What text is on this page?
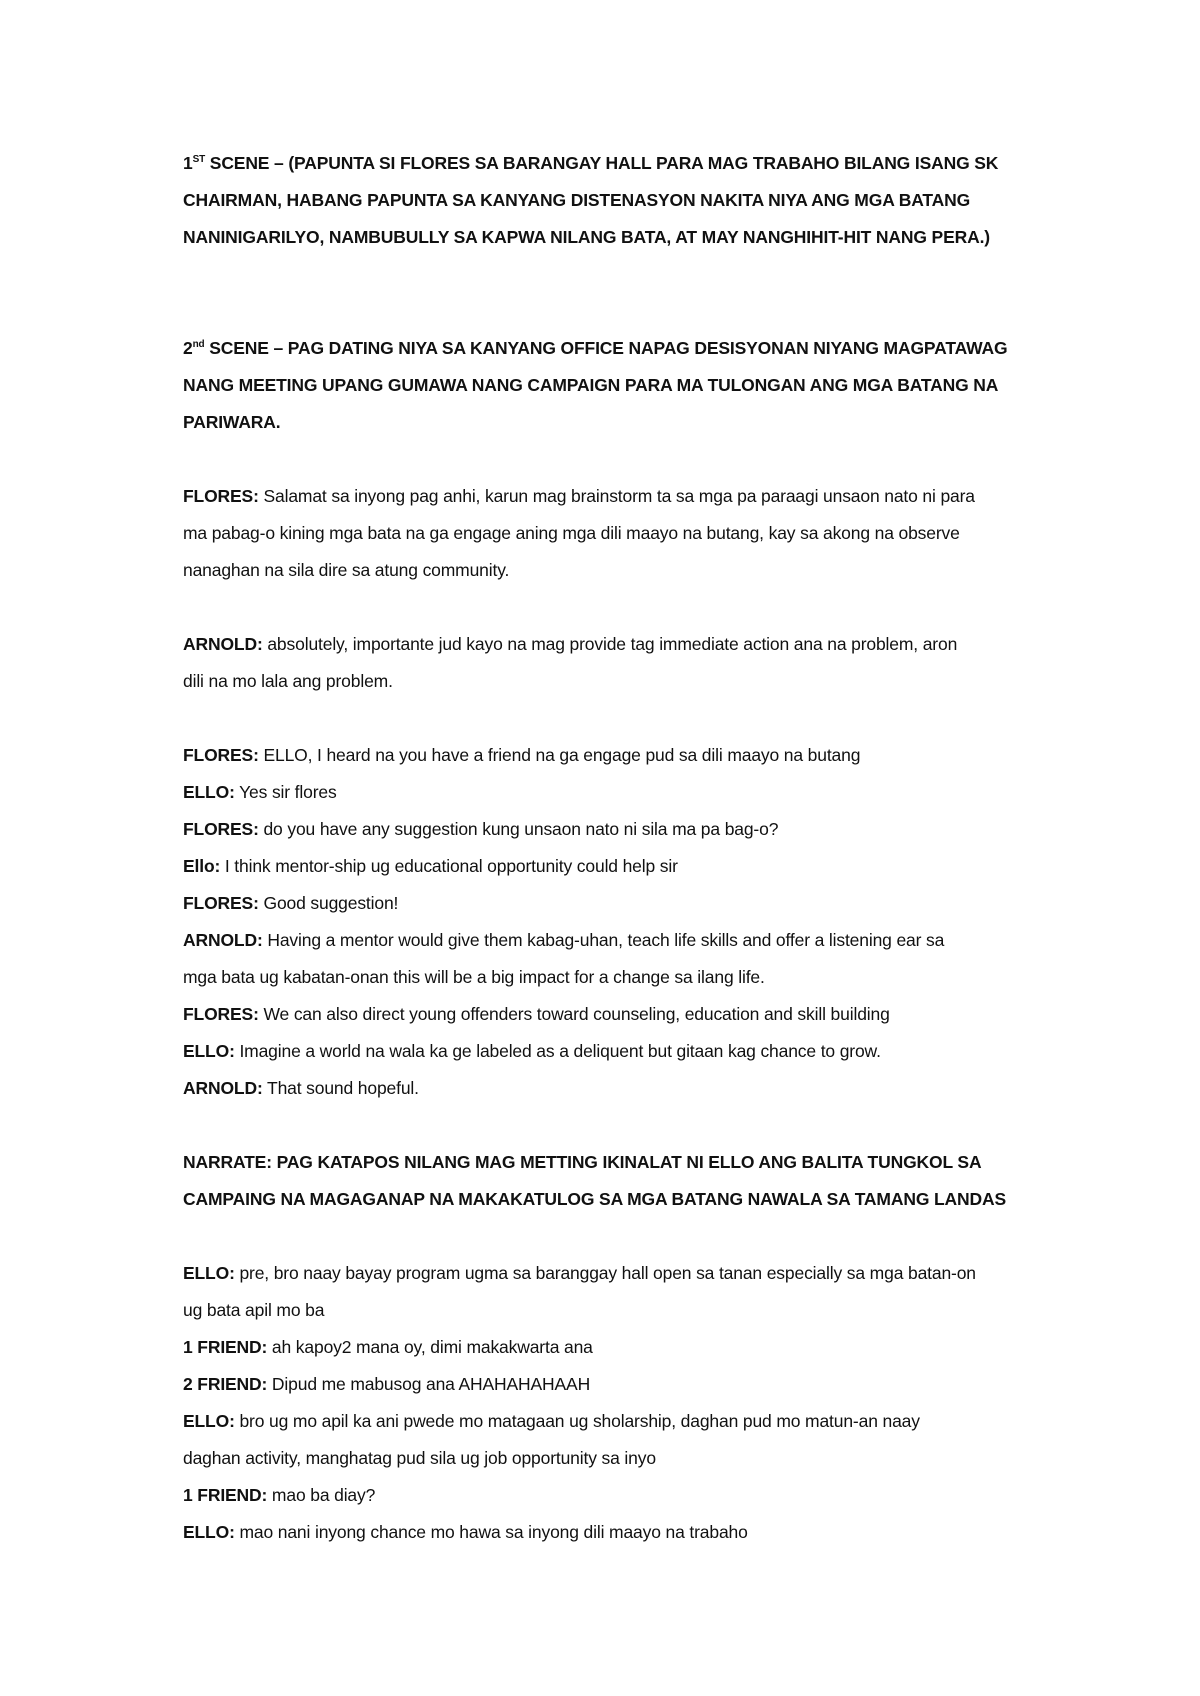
1ST SCENE – (PAPUNTA SI FLORES SA BARANGAY HALL PARA MAG TRABAHO BILANG ISANG SK
CHAIRMAN, HABANG PAPUNTA SA KANYANG DISTENASYON NAKITA NIYA ANG MGA BATANG
NANINIGARILYO, NAMBUBULLY SA KAPWA NILANG BATA, AT MAY NANGHIHIT-HIT NANG PERA.)
2nd SCENE – PAG DATING NIYA SA KANYANG OFFICE NAPAG DESISYONAN NIYANG MAGPATAWAG
NANG MEETING UPANG GUMAWA NANG CAMPAIGN PARA MA TULONGAN ANG MGA BATANG NA
PARIWARA.
FLORES: Salamat sa inyong pag anhi, karun mag brainstorm ta sa mga pa paraagi unsaon nato ni para
ma pabag-o kining mga bata na ga engage aning mga dili maayo na butang, kay sa akong na observe
nanaghan na sila dire sa atung community.
ARNOLD: absolutely, importante jud kayo na mag provide tag immediate action ana na problem, aron
dili na mo lala ang problem.
FLORES: ELLO, I heard na you have a friend na ga engage pud sa dili maayo na butang
ELLO: Yes sir flores
FLORES: do you have any suggestion kung unsaon nato ni sila ma pa bag-o?
Ello: I think mentor-ship ug educational opportunity could help sir
FLORES: Good suggestion!
ARNOLD: Having a mentor would give them kabag-uhan, teach life skills and offer a listening ear sa
mga bata ug kabatan-onan this will be a big impact for a change sa ilang life.
FLORES: We can also direct young offenders toward counseling, education and skill building
ELLO: Imagine a world na wala ka ge labeled as a deliquent but gitaan kag chance to grow.
ARNOLD: That sound hopeful.
NARRATE: PAG KATAPOS NILANG MAG METTING IKINALAT NI ELLO ANG BALITA TUNGKOL SA
CAMPAING NA MAGAGANAP NA MAKAKATULOG SA MGA BATANG NAWALA SA TAMANG LANDAS
ELLO: pre, bro naay bayay program ugma sa baranggay hall open sa tanan especially sa mga batan-on
ug bata apil mo ba
1 FRIEND: ah kapoy2 mana oy, dimi makakwarta ana
2 FRIEND: Dipud me mabusog ana AHAHAHAHAAH
ELLO: bro ug mo apil ka ani pwede mo matagaan ug sholarship, daghan pud mo matun-an naay
daghan activity, manghatag pud sila ug job opportunity sa inyo
1 FRIEND: mao ba diay?
ELLO: mao nani inyong chance mo hawa sa inyong dili maayo na trabaho
